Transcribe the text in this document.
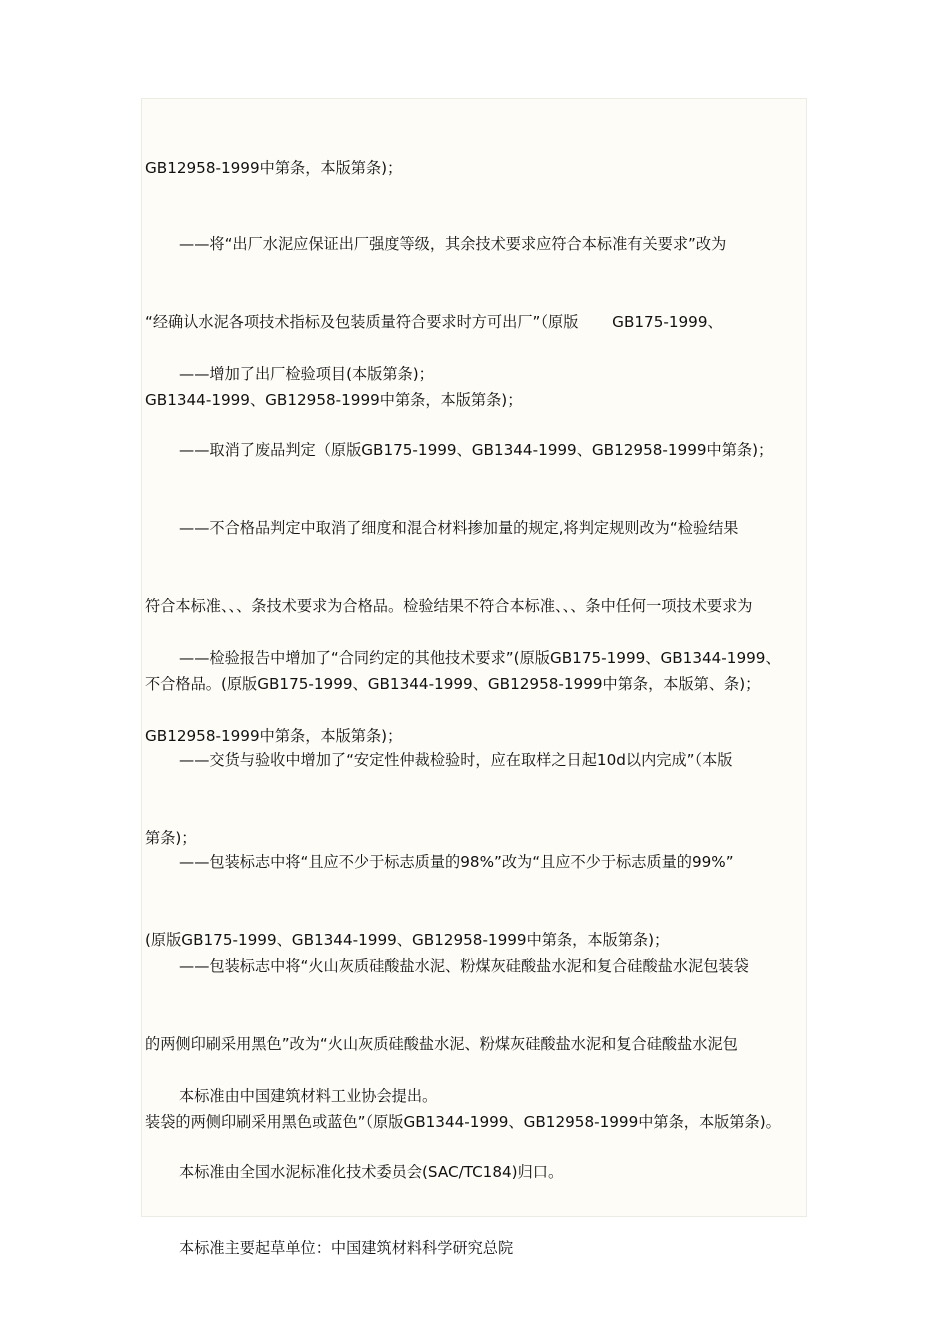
GB12958-1999中第条，本版第条)；

——将“出厂水泥应保证出厂强度等级，其余技术要求应符合本标准有关要求”改为

“经确认水泥各项技术指标及包装质量符合要求时方可出厂”（原版       GB175-1999、

GB1344-1999、GB12958-1999中第条，本版第条)；

——增加了出厂检验项目(本版第条)；

——取消了废品判定（原版GB175-1999、GB1344-1999、GB12958-1999中第条)；

——不合格品判定中取消了细度和混合材料掺加量的规定,将判定规则改为“检验结果

符合本标准、、、条技术要求为合格品。检验结果不符合本标准、、、条中任何一项技术要求为

不合格品。(原版GB175-1999、GB1344-1999、GB12958-1999中第条，本版第、条)；

——检验报告中增加了“合同约定的其他技术要求”(原版GB175-1999、GB1344-1999、

GB12958-1999中第条，本版第条)；

——交货与验收中增加了“安定性仲裁检验时，应在取样之日起10d以内完成”（本版

第条)；

——包装标志中将“且应不少于标志质量的98%”改为“且应不少于标志质量的99%”

(原版GB175-1999、GB1344-1999、GB12958-1999中第条，本版第条)；

——包装标志中将“火山灰质硅酸盐水泥、粉煤灰硅酸盐水泥和复合硅酸盐水泥包装袋

的两侧印刷采用黑色”改为“火山灰质硅酸盐水泥、粉煤灰硅酸盐水泥和复合硅酸盐水泥包

装袋的两侧印刷采用黑色或蓝色”（原版GB1344-1999、GB12958-1999中第条，本版第条)。

本标准由中国建筑材料工业协会提出。

本标准由全国水泥标准化技术委员会(SAC/TC184)归口。

本标准主要起草单位：中国建筑材料科学研究总院
